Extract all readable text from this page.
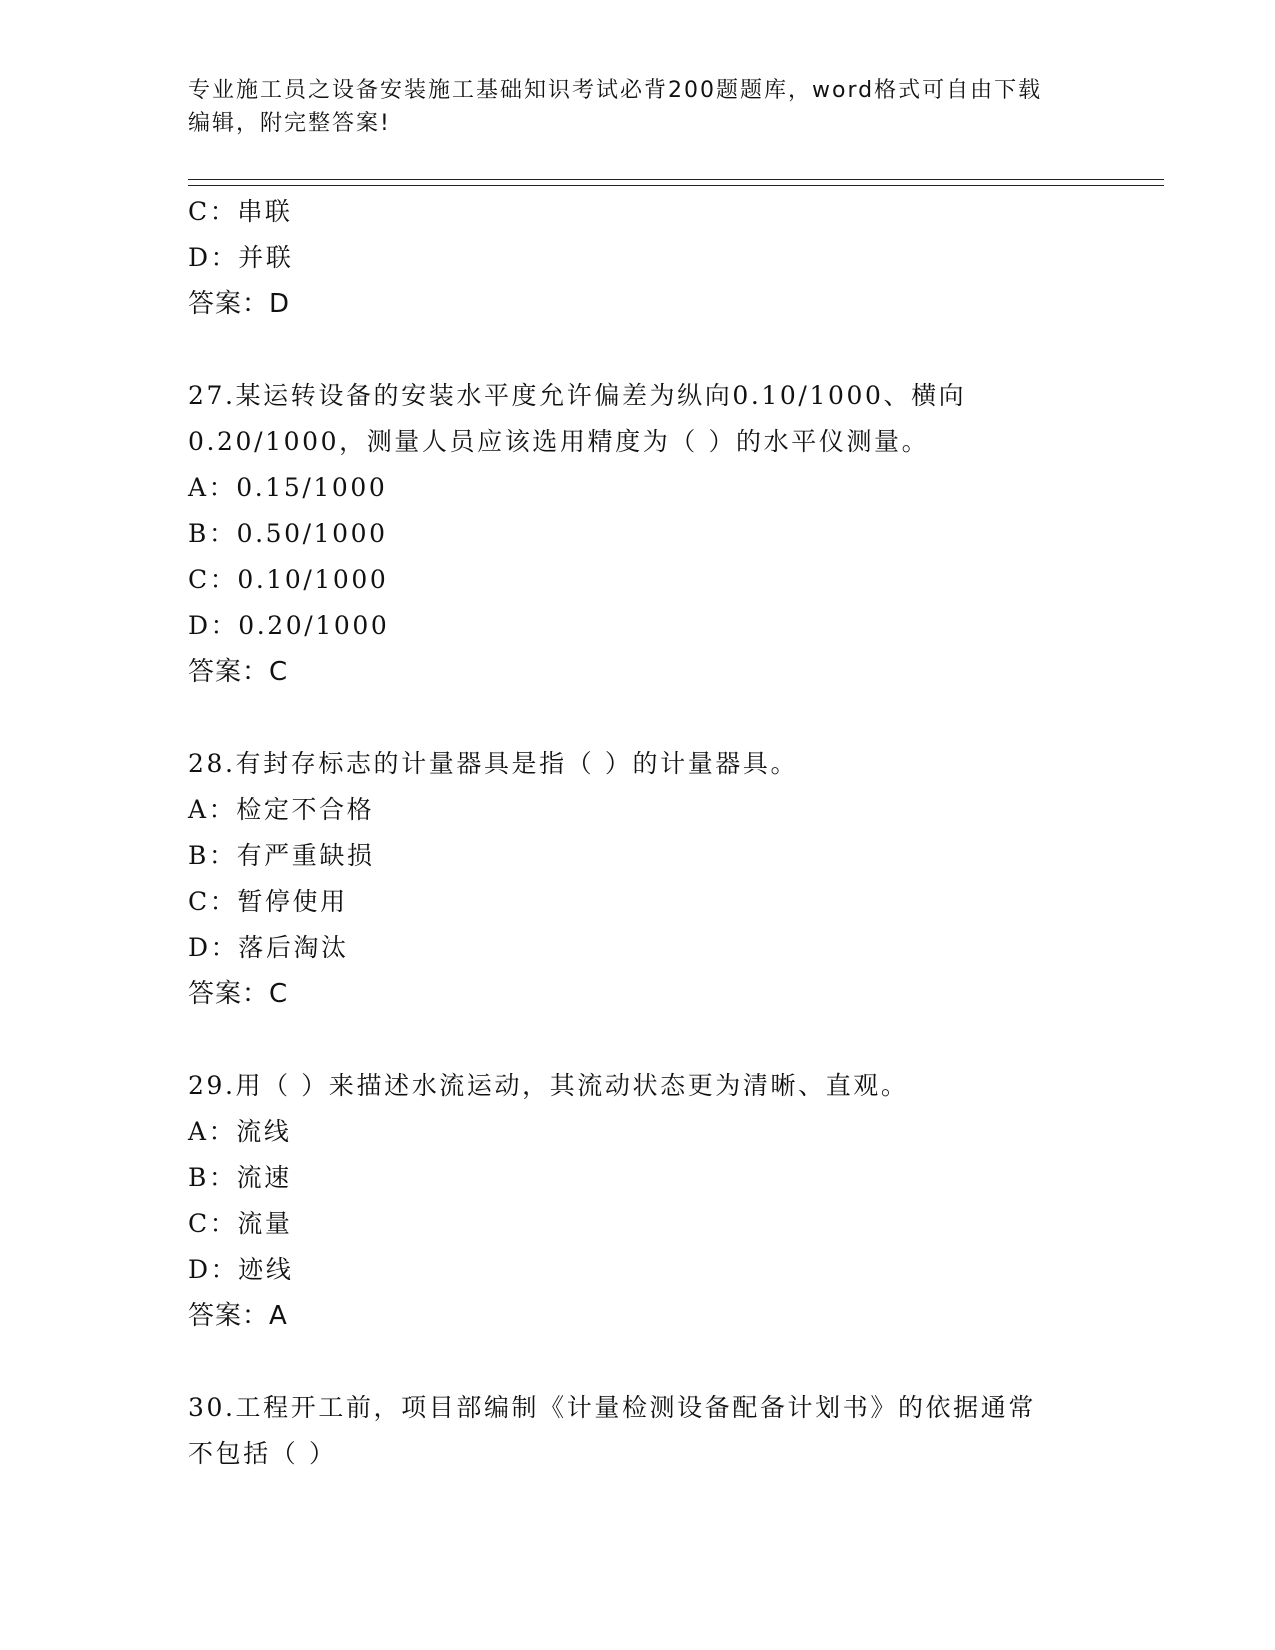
专业施工员之设备安装施工基础知识考试必背200题题库，word格式可自由下载
编辑，附完整答案!
C：串联
D：并联
答案：D
27.某运转设备的安装水平度允许偏差为纵向0.10/1000、横向
0.20/1000，测量人员应该选用精度为（ ）的水平仪测量。
A：0.15/1000
B：0.50/1000
C：0.10/1000
D：0.20/1000
答案：C
28.有封存标志的计量器具是指（ ）的计量器具。
A：检定不合格
B：有严重缺损
C：暂停使用
D：落后淘汰
答案：C
29.用（ ）来描述水流运动，其流动状态更为清晰、直观。
A：流线
B：流速
C：流量
D：迹线
答案：A
30.工程开工前，项目部编制《计量检测设备配备计划书》的依据通常
不包括（ ）
